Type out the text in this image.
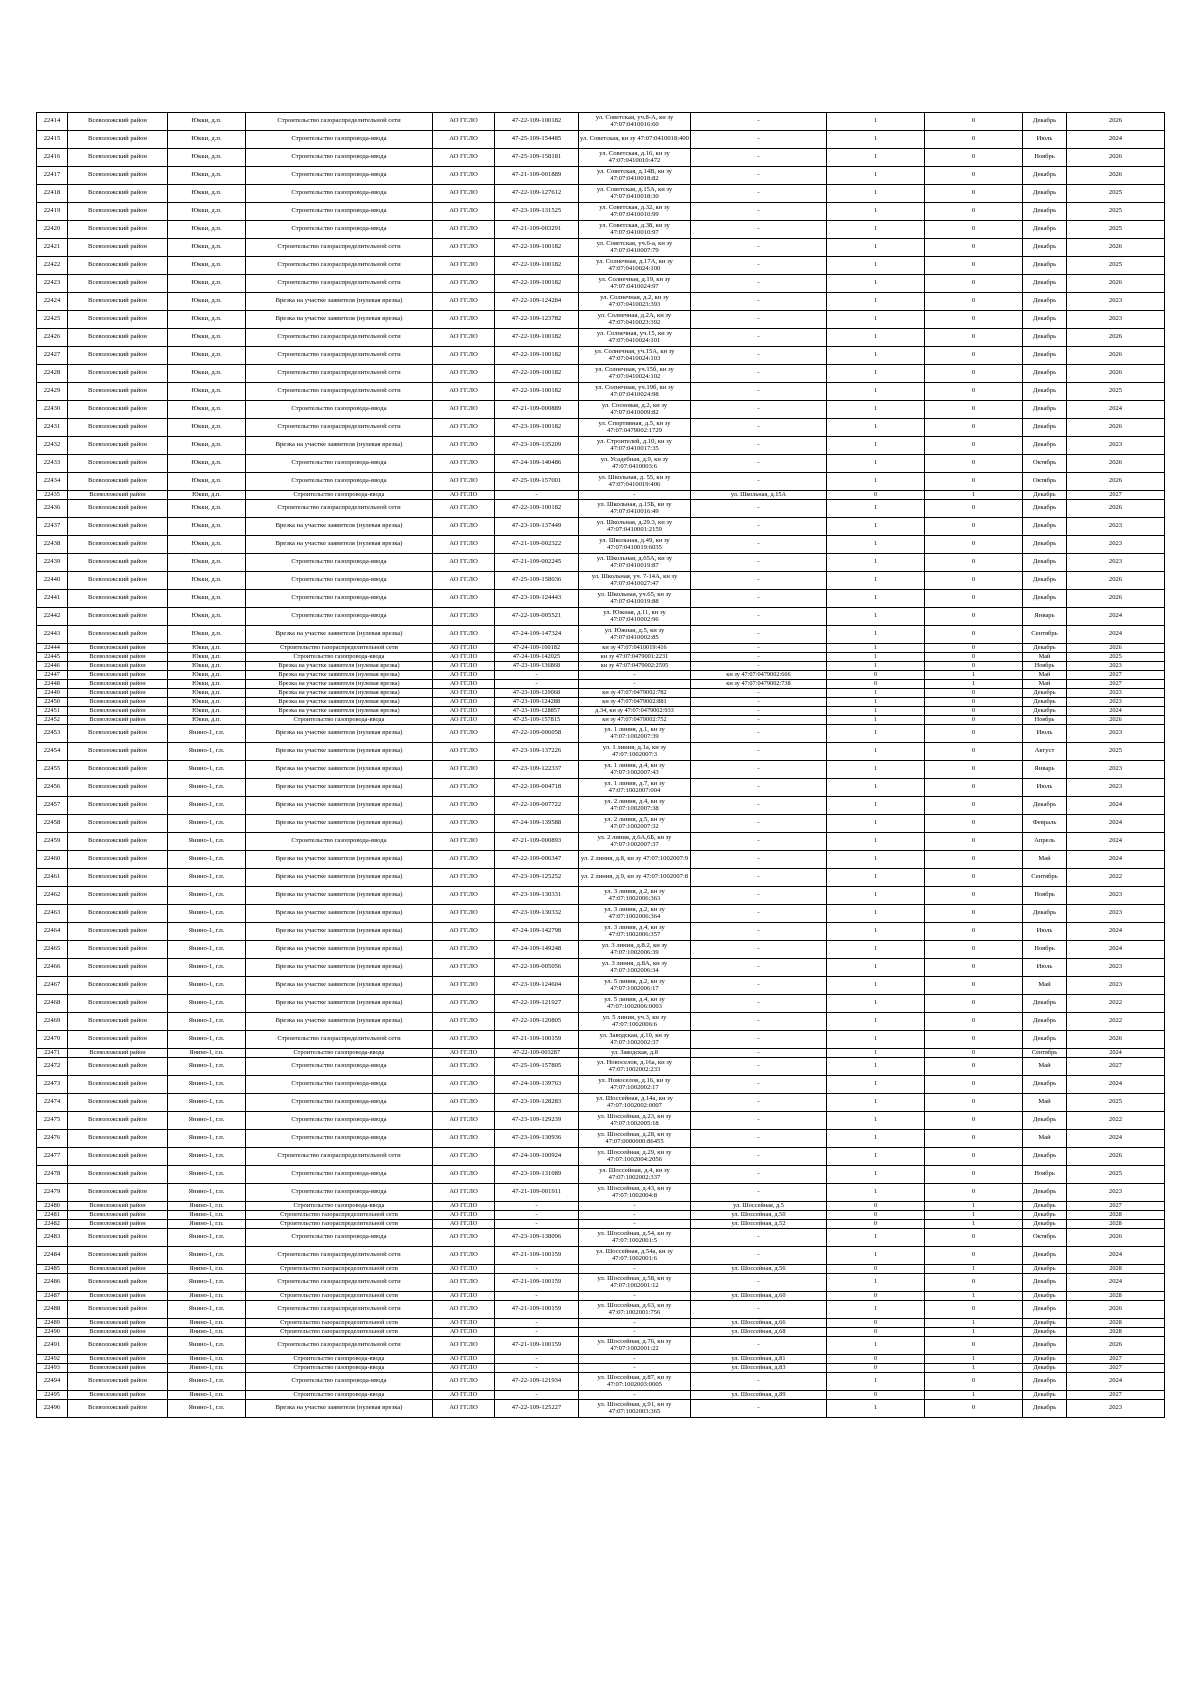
22414	Всеволожский район	Юкки, д.п.	Строительство газораспределительной сети	АО ГГ.ЛО	47-22-109-100182	ул. Советская, уч.8-А, кн зу 47:07:0410016:60	-	1	0	Декабрь	2026
22415	Всеволожский район	Юкки, д.п.	Строительство газопровода-ввода	АО ГГ.ЛО	47-25-109-154485	ул. Советская, кн зу 47:07:0410018:400	-	1	0	Июль	2024
22416	Всеволожский район	Юкки, д.п.	Строительство газопровода-ввода	АО ГГ.ЛО	47-25-109-158181	ул. Советская, д.16, кн зу 47:07:0410010:472	-	1	0	Ноябрь	2026
22417	Всеволожский район	Юкки, д.п.	Строительство газопровода-ввода	АО ГГ.ЛО	47-21-109-001889	ул. Советская, д.14В, кн зу 47:07:0410018:82	-	1	0	Декабрь	2026
22418	Всеволожский район	Юкки, д.п.	Строительство газопровода-ввода	АО ГГ.ЛО	47-22-109-127612	ул. Советская, д.15А, кн зу 47:07:0410018:30	-	1	0	Декабрь	2025
22419	Всеволожский район	Юкки, д.п.	Строительство газопровода-ввода	АО ГГ.ЛО	47-23-109-131525	ул. Советская, д.32, кн зу 47:07:0410010:99	-	1	0	Декабрь	2025
22420	Всеволожский район	Юкки, д.п.	Строительство газопровода-ввода	АО ГГ.ЛО	47-21-109-003291	ул. Советская, д.38, кн зу 47:07:0410010:97	-	1	0	Декабрь	2025
22421	Всеволожский район	Юкки, д.п.	Строительство газораспределительной сети	АО ГГ.ЛО	47-22-109-100182	ул. Советская, уч.6-а, кн зу 47:07:0410007:79	-	1	0	Декабрь	2026
22422	Всеволожский район	Юкки, д.п.	Строительство газораспределительной сети	АО ГГ.ЛО	47-22-109-100182	ул. Солнечная, д.17А, кн зу 47:07:0410024:100	-	1	0	Декабрь	2025
22423	Всеволожский район	Юкки, д.п.	Строительство газораспределительной сети	АО ГГ.ЛО	47-22-109-100182	ул. Солнечная, д.19, кн зу 47:07:0410024:97	-	1	0	Декабрь	2026
22424	Всеволожский район	Юкки, д.п.	Врезка на участке заявителя (нулевая врезка)	АО ГГ.ЛО	47-22-109-124284	ул. Солнечная, д.2, кн зу 47:07:0410023:393	-	1	0	Декабрь	2023
22425	Всеволожский район	Юкки, д.п.	Врезка на участке заявителя (нулевая врезка)	АО ГГ.ЛО	47-22-109-123782	ул. Солнечная, д.2А, кн зу 47:07:0410023:392	-	1	0	Декабрь	2023
22426	Всеволожский район	Юкки, д.п.	Строительство газораспределительной сети	АО ГГ.ЛО	47-22-109-100182	ул. Солнечная, уч.15, кн зу 47:07:0410024:101	-	1	0	Декабрь	2026
22427	Всеволожский район	Юкки, д.п.	Строительство газораспределительной сети	АО ГГ.ЛО	47-22-109-100182	ул. Солнечная, уч.15А, кн зу 47:07:0410024:103	-	1	0	Декабрь	2026
22428	Всеволожский район	Юкки, д.п.	Строительство газораспределительной сети	АО ГГ.ЛО	47-22-109-100182	ул. Солнечная, уч.15б, кн зу 47:07:0410024:102	-	1	0	Декабрь	2026
22429	Всеволожский район	Юкки, д.п.	Строительство газораспределительной сети	АО ГГ.ЛО	47-22-109-100182	ул. Солнечная, уч.19б, кн зу 47:07:0410024:98	-	1	0	Декабрь	2025
22430	Всеволожский район	Юкки, д.п.	Строительство газопровода-ввода	АО ГГ.ЛО	47-21-109-000889	ул. Сосновая, д.2, кн зу 47:07:0410009:82	-	1	0	Декабрь	2024
22431	Всеволожский район	Юкки, д.п.	Строительство газораспределительной сети	АО ГГ.ЛО	47-23-109-100182	ул. Спортивная, д.5, кн зу 47:07:0479002:1729	-	1	0	Декабрь	2026
22432	Всеволожский район	Юкки, д.п.	Врезка на участке заявителя (нулевая врезка)	АО ГГ.ЛО	47-23-109-135209	ул. Строителей, д.10, кн зу 47:07:0410017:35	-	1	0	Декабрь	2023
22433	Всеволожский район	Юкки, д.п.	Строительство газопровода-ввода	АО ГГ.ЛО	47-24-109-140486	ул. Усадебная, д.9, кн зу 47:07:0410003:6	-	1	0	Октябрь	2026
22434	Всеволожский район	Юкки, д.п.	Строительство газопровода-ввода	АО ГГ.ЛО	47-25-109-157001	ул. Школьная, д. 55, кн зу 47:07:0410019:406	-	1	0	Октябрь	2026
22435	Всеволожский район	Юкки, д.п.	Строительство газопровода-ввода	АО ГГ.ЛО	-	-	ул. Школьная, д.15А	0	1	Декабрь	2027
22436	Всеволожский район	Юкки, д.п.	Строительство газораспределительной сети	АО ГГ.ЛО	47-22-109-100182	ул. Школьная, д.15Б, кн зу 47:07:0410016:49	-	1	0	Декабрь	2026
22437	Всеволожский район	Юкки, д.п.	Врезка на участке заявителя (нулевая врезка)	АО ГГ.ЛО	47-23-109-137449	ул. Школьная, д.29.3, кн зу 47:07:0410001:2159	-	1	0	Декабрь	2023
22438	Всеволожский район	Юкки, д.п.	Врезка на участке заявителя (нулевая врезка)	АО ГГ.ЛО	47-21-109-002322	ул. Школьная, д.49, кн зу 47:07:0410019:6035	-	1	0	Декабрь	2023
22439	Всеволожский район	Юкки, д.п.	Строительство газопровода-ввода	АО ГГ.ЛО	47-21-109-002245	ул. Школьная, д.65А, кн зу 47:07:0410019:87	-	1	0	Декабрь	2023
22440	Всеволожский район	Юкки, д.п.	Строительство газопровода-ввода	АО ГГ.ЛО	47-25-109-158036	ул. Школьная, уч. 7-14А, кн зу 47:07:0410027:47	-	1	0	Декабрь	2026
22441	Всеволожский район	Юкки, д.п.	Строительство газопровода-ввода	АО ГГ.ЛО	47-23-109-124443	ул. Школьная, уч.65, кн зу 47:07:0410019:88	-	1	0	Декабрь	2026
22442	Всеволожский район	Юкки, д.п.	Строительство газопровода-ввода	АО ГГ.ЛО	47-22-109-005521	ул. Южная, д.11, кн зу 47:07:0410002:96	-	1	0	Январь	2024
22443	Всеволожский район	Юкки, д.п.	Врезка на участке заявителя (нулевая врезка)	АО ГГ.ЛО	47-24-109-147324	ул. Южная, д.5, кн зу 47:07:0410002:85	-	1	0	Сентябрь	2024
22444	Всеволожский район	Юкки, д.п.	Строительство газораспределительной сети	АО ГГ.ЛО	47-24-109-100182	кн зу 47:07:0410019:416	-	1	0	Декабрь	2026
22445	Всеволожский район	Юкки, д.п.	Строительство газопровода-ввода	АО ГГ.ЛО	47-24-109-142025	кн зу 47:07:0479001:2231	-	1	0	Май	2025
22446	Всеволожский район	Юкки, д.п.	Врезка на участке заявителя (нулевая врезка)	АО ГГ.ЛО	47-23-109-136868	кн зу 47:07:0479002:2595	-	1	0	Ноябрь	2023
22447	Всеволожский район	Юкки, д.п.	Врезка на участке заявителя (нулевая врезка)	АО ГГ.ЛО	-	-	кн зу 47:07:0479002:666	0	1	Май	2027
22448	Всеволожский район	Юкки, д.п.	Врезка на участке заявителя (нулевая врезка)	АО ГГ.ЛО	-	-	кн зу 47:07:0479002:738	0	1	Май	2027
22449	Всеволожский район	Юкки, д.п.	Врезка на участке заявителя (нулевая врезка)	АО ГГ.ЛО	47-23-109-129068	кн зу 47:07:0479002:782	-	1	0	Декабрь	2023
22450	Всеволожский район	Юкки, д.п.	Врезка на участке заявителя (нулевая врезка)	АО ГГ.ЛО	47-23-109-124288	кн зу 47:07:0479002:881	-	1	0	Декабрь	2023
22451	Всеволожский район	Юкки, д.п.	Врезка на участке заявителя (нулевая врезка)	АО ГГ.ЛО	47-23-109-128857	д.34, кн зу 47:07:0479002:933	-	1	0	Декабрь	2024
22452	Всеволожский район	Юкки, д.п.	Строительство газопровода-ввода	АО ГГ.ЛО	47-25-109-157815	кн зу 47:07:0479002:752	-	1	0	Ноябрь	2026
22453	Всеволожский район	Янино-1, г.п.	Врезка на участке заявителя (нулевая врезка)	АО ГГ.ЛО	47-22-109-006058	ул. 1 линия, д.1, кн зу 47:07:1002007:39	-	1	0	Июль	2023
22454	Всеволожский район	Янино-1, г.п.	Врезка на участке заявителя (нулевая врезка)	АО ГГ.ЛО	47-23-109-137226	ул. 1 линия, д.1а, кн зу 47:07:1002007:3	-	1	0	Август	2025
22455	Всеволожский район	Янино-1, г.п.	Врезка на участке заявителя (нулевая врезка)	АО ГГ.ЛО	47-23-109-122337	ул. 1 линия, д.4, кн зу 47:07:1002007:43	-	1	0	Январь	2023
22456	Всеволожский район	Янино-1, г.п.	Врезка на участке заявителя (нулевая врезка)	АО ГГ.ЛО	47-22-109-004718	ул. 1 линия, д.7, кн зу 47:07:1002007:004	-	1	0	Июль	2023
22457	Всеволожский район	Янино-1, г.п.	Врезка на участке заявителя (нулевая врезка)	АО ГГ.ЛО	47-22-109-007722	ул. 2 линия, д.4, кн зу 47:07:1002007:38	-	1	0	Декабрь	2024
22458	Всеволожский район	Янино-1, г.п.	Врезка на участке заявителя (нулевая врезка)	АО ГГ.ЛО	47-24-109-139588	ул. 2 линия, д.5, кн зу 47:07:1002007:32	-	1	0	Февраль	2024
22459	Всеволожский район	Янино-1, г.п.	Строительство газопровода-ввода	АО ГГ.ЛО	47-21-109-000893	ул. 2 линия, д.6А,6Б, кн зу 47:07:1002007:37	-	1	0	Апрель	2024
22460	Всеволожский район	Янино-1, г.п.	Врезка на участке заявителя (нулевая врезка)	АО ГГ.ЛО	47-22-109-006347	ул. 2 линия, д.8, кн зу 47:07:1002007:9	-	1	0	Май	2024
22461	Всеволожский район	Янино-1, г.п.	Врезка на участке заявителя (нулевая врезка)	АО ГГ.ЛО	47-23-109-125252	ул. 2 линия, д.9, кн зу 47:07:1002007:8	-	1	0	Сентябрь	2022
22462	Всеволожский район	Янино-1, г.п.	Врезка на участке заявителя (нулевая врезка)	АО ГГ.ЛО	47-23-109-130331	ул. 3 линия, д.2, кн зу 47:07:1002006:363	-	1	0	Ноябрь	2023
22463	Всеволожский район	Янино-1, г.п.	Врезка на участке заявителя (нулевая врезка)	АО ГГ.ЛО	47-23-109-130332	ул. 3 линия, д.2, кн зу 47:07:1002006:364	-	1	0	Декабрь	2023
22464	Всеволожский район	Янино-1, г.п.	Врезка на участке заявителя (нулевая врезка)	АО ГГ.ЛО	47-24-109-142798	ул. 3 линия, д.4, кн зу 47:07:1002006:357	-	1	0	Июль	2024
22465	Всеволожский район	Янино-1, г.п.	Врезка на участке заявителя (нулевая врезка)	АО ГГ.ЛО	47-24-109-149248	ул. 3 линия, д.8.2, кн зу 47:07:1002006:39	-	1	0	Ноябрь	2024
22466	Всеволожский район	Янино-1, г.п.	Врезка на участке заявителя (нулевая врезка)	АО ГГ.ЛО	47-22-109-005056	ул. 3 линия, д.8А, кн зу 47:07:1002006:34	-	1	0	Июль	2023
22467	Всеволожский район	Янино-1, г.п.	Врезка на участке заявителя (нулевая врезка)	АО ГГ.ЛО	47-23-109-124604	ул. 5 линия, д.2, кн зу 47:07:1002006:17	-	1	0	Май	2023
22468	Всеволожский район	Янино-1, г.п.	Врезка на участке заявителя (нулевая врезка)	АО ГГ.ЛО	47-22-109-121927	ул. 5 линия, д.4, кн зу 47:07:1002006:0003	-	1	0	Декабрь	2022
22469	Всеволожский район	Янино-1, г.п.	Врезка на участке заявителя (нулевая врезка)	АО ГГ.ЛО	47-22-109-120805	ул. 5 линия, уч.3, кн зу 47:07:1002006:6	-	1	0	Декабрь	2022
22470	Всеволожский район	Янино-1, г.п.	Строительство газораспределительной сети	АО ГГ.ЛО	47-21-109-100159	ул. Заводская, д.10, кн зу 47:07:1002002:37	-	1	0	Декабрь	2026
22471	Всеволожский район	Янино-1, г.п.	Строительство газопровода-ввода	АО ГГ.ЛО	47-22-109-003287	ул. Заводская, д.8	-	1	0	Сентябрь	2024
22472	Всеволожский район	Янино-1, г.п.	Строительство газопровода-ввода	АО ГГ.ЛО	47-25-109-157805	ул. Новоселов, д.16а, кн зу 47:07:1002002:233	-	1	0	Май	2027
22473	Всеволожский район	Янино-1, г.п.	Строительство газопровода-ввода	АО ГГ.ЛО	47-24-109-139763	ул. Новоселов, д.16, кн зу 47:07:1002002:17	-	1	0	Декабрь	2024
22474	Всеволожский район	Янино-1, г.п.	Строительство газопровода-ввода	АО ГГ.ЛО	47-23-109-128283	ул. Шоссейная, д.14а, кн зу 47:07:1002002:0007	-	1	0	Май	2025
22475	Всеволожский район	Янино-1, г.п.	Строительство газопровода-ввода	АО ГГ.ЛО	47-23-109-129239	ул. Шоссейная, д.23, кн зу 47:07:1002005:18	-	1	0	Декабрь	2022
22476	Всеволожский район	Янино-1, г.п.	Строительство газопровода-ввода	АО ГГ.ЛО	47-23-109-130936	ул. Шоссейная, д.28, кн зу 47:07:0000000:86455	-	1	0	Май	2024
22477	Всеволожский район	Янино-1, г.п.	Строительство газораспределительной сети	АО ГГ.ЛО	47-24-109-100924	ул. Шоссейная, д.29, кн зу 47:07:1002004:2056	-	1	0	Декабрь	2026
22478	Всеволожский район	Янино-1, г.п.	Строительство газопровода-ввода	АО ГГ.ЛО	47-23-109-131089	ул. Шоссейная, д.4, кн зу 47:07:1002002:337	-	1	0	Ноябрь	2025
22479	Всеволожский район	Янино-1, г.п.	Строительство газопровода-ввода	АО ГГ.ЛО	47-21-109-001911	ул. Шоссейная, д.43, кн зу 47:07:1002004:8	-	1	0	Декабрь	2023
22480	Всеволожский район	Янино-1, г.п.	Строительство газопровода-ввода	АО ГГ.ЛО	-	-	ул. Шоссейная, д.5	0	1	Декабрь	2027
22481	Всеволожский район	Янино-1, г.п.	Строительство газораспределительной сети	АО ГГ.ЛО	-	-	ул. Шоссейная, д.50	0	1	Декабрь	2028
22482	Всеволожский район	Янино-1, г.п.	Строительство газораспределительной сети	АО ГГ.ЛО	-	-	ул. Шоссейная, д.52	0	1	Декабрь	2028
22483	Всеволожский район	Янино-1, г.п.	Строительство газопровода-ввода	АО ГГ.ЛО	47-23-109-138096	ул. Шоссейная, д.54, кн зу 47:07:1002001:5	-	1	0	Октябрь	2026
22484	Всеволожский район	Янино-1, г.п.	Строительство газораспределительной сети	АО ГГ.ЛО	47-21-109-100159	ул. Шоссейная, д.54а, кн зу 47:07:1002001:6	-	1	0	Декабрь	2024
22485	Всеволожский район	Янино-1, г.п.	Строительство газораспределительной сети	АО ГГ.ЛО	-	-	ул. Шоссейная, д.56	0	1	Декабрь	2028
22486	Всеволожский район	Янино-1, г.п.	Строительство газораспределительной сети	АО ГГ.ЛО	47-21-109-100159	ул. Шоссейная, д.58, кн зу 47:07:1002001:12	-	1	0	Декабрь	2024
22487	Всеволожский район	Янино-1, г.п.	Строительство газораспределительной сети	АО ГГ.ЛО	-	-	ул. Шоссейная, д.60	0	1	Декабрь	2028
22488	Всеволожский район	Янино-1, г.п.	Строительство газораспределительной сети	АО ГГ.ЛО	47-21-109-100159	ул. Шоссейная, д.63, кн зу 47:07:1002001:756	-	1	0	Декабрь	2026
22489	Всеволожский район	Янино-1, г.п.	Строительство газораспределительной сети	АО ГГ.ЛО	-	-	ул. Шоссейная, д.66	0	1	Декабрь	2028
22490	Всеволожский район	Янино-1, г.п.	Строительство газораспределительной сети	АО ГГ.ЛО	-	-	ул. Шоссейная, д.68	0	1	Декабрь	2028
22491	Всеволожский район	Янино-1, г.п.	Строительство газораспределительной сети	АО ГГ.ЛО	47-21-109-100159	ул. Шоссейная, д.76, кн зу 47:07:1002001:22	-	1	0	Декабрь	2026
22492	Всеволожский район	Янино-1, г.п.	Строительство газопровода-ввода	АО ГГ.ЛО	-	-	ул. Шоссейная, д.81	0	1	Декабрь	2027
22493	Всеволожский район	Янино-1, г.п.	Строительство газопровода-ввода	АО ГГ.ЛО	-	-	ул. Шоссейная, д.83	0	1	Декабрь	2027
22494	Всеволожский район	Янино-1, г.п.	Строительство газопровода-ввода	АО ГГ.ЛО	47-22-109-121934	ул. Шоссейная, д.87, кн зу 47:07:1002003:0005	-	1	0	Декабрь	2024
22495	Всеволожский район	Янино-1, г.п.	Строительство газопровода-ввода	АО ГГ.ЛО	-	-	ул. Шоссейная, д.89	0	1	Декабрь	2027
22496	Всеволожский район	Янино-1, г.п.	Врезка на участке заявителя (нулевая врезка)	АО ГГ.ЛО	47-22-109-125227	ул. Шоссейная, д.91, кн зу 47:07:1002003:365	-	1	0	Декабрь	2023
